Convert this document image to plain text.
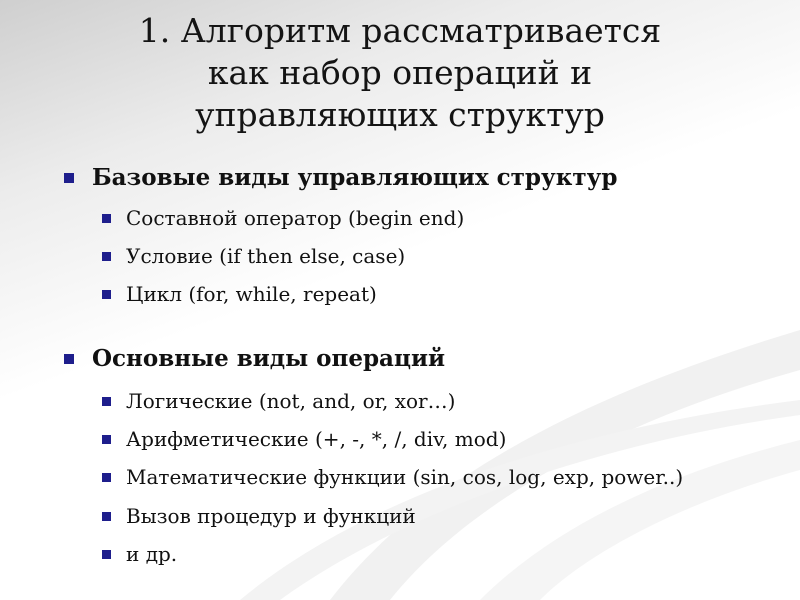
1. Алгоритм рассматривается
как набор операций и
управляющих структур
Базовые виды управляющих структур
Составной оператор (begin end)
Условие (if then else, case)
Цикл (for, while, repeat)
Основные виды операций
Логические (not, and, or, xor…)
Арифметические (+, -, *, /, div, mod)
Математические функции (sin, cos, log, exp, power..)
Вызов процедур и функций
и др.
